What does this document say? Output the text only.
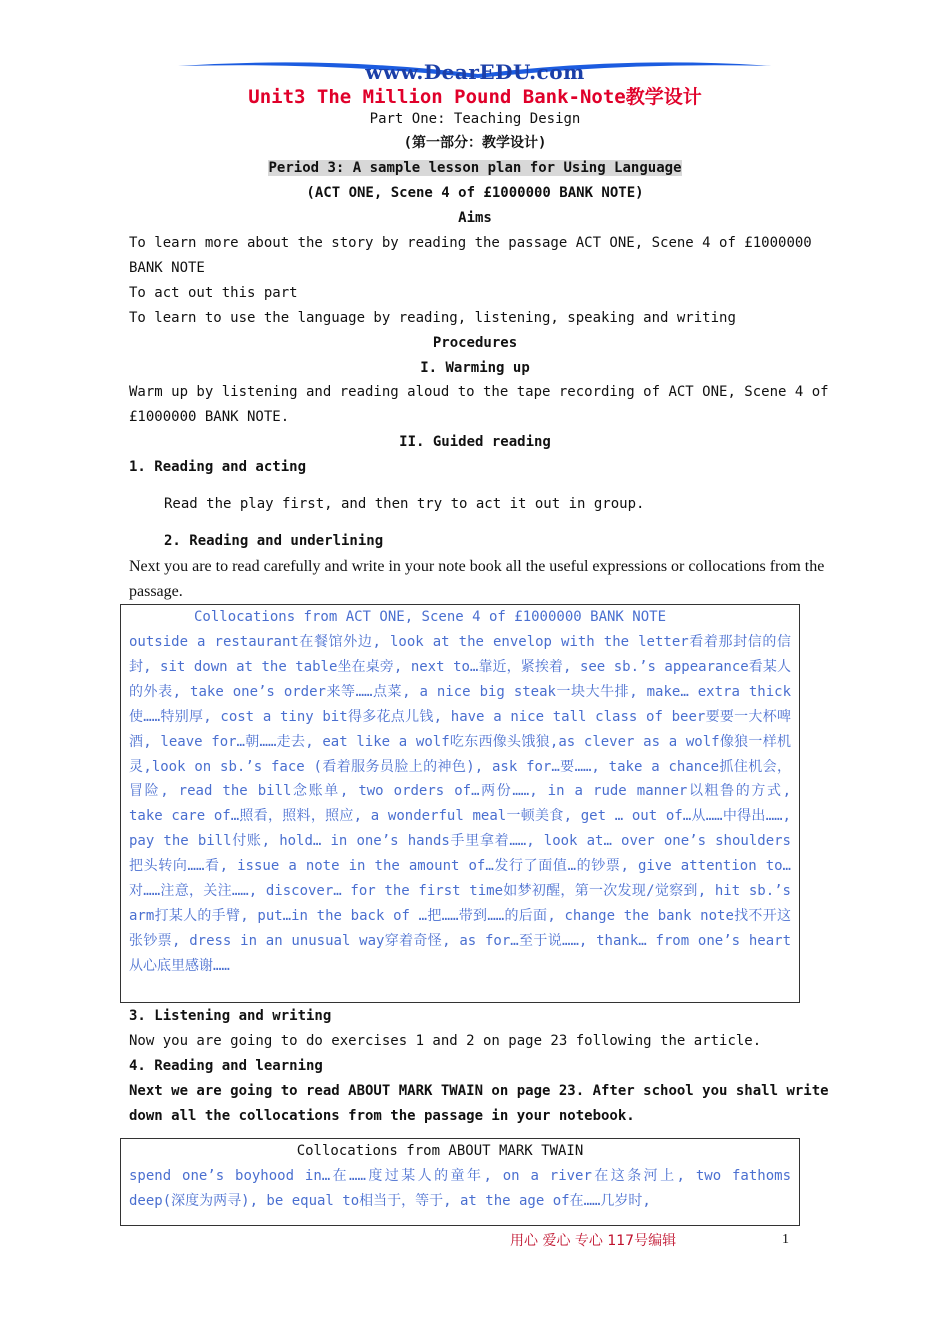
www.DearEDU.com
Unit3 The Million Pound Bank-Note教学设计
Part One: Teaching Design
(第一部分：教学设计)
Period 3: A sample lesson plan for Using Language
(ACT ONE, Scene 4 of £1000000 BANK NOTE)
Aims
To learn more about the story by reading the passage ACT ONE, Scene 4 of £1000000 BANK NOTE
To act out this part
To learn to use the language by reading, listening, speaking and writing
Procedures
I. Warming up
Warm up by listening and reading aloud to the tape recording of ACT ONE, Scene 4 of £1000000 BANK NOTE.
II. Guided reading
1. Reading and acting
Read the play first, and then try to act it out in group.
2. Reading and underlining
Next you are to read carefully and write in your note book all the useful expressions or collocations from the passage.
Collocations from ACT ONE, Scene 4 of £1000000 BANK NOTE
outside a restaurant在餐馆外边, look at the envelop with the letter看着那封信的信封, sit down at the table坐在桌旁, next to…靠近，紧挨着, see sb.’s appearance看某人的外表, take one’s order来等……点菜, a nice big steak一块大牛排, make… extra thick使……特别厚, cost a tiny bit得多花点儿钱, have a nice tall class of beer要要一大杯啤酒, leave for…朝……走去, eat like a wolf吃东西像头饿狼,as clever as a wolf像狼一样机灵,look on sb.’s face (看着服务员脸上的神色), ask for…要……, take a chance抓住机会，冒险, read the bill念账单, two orders of…两份……, in a rude manner以粗鲁的方式, take care of…照看，照料，照应, a wonderful meal一顿美食, get … out of…从……中得出……, pay the bill付账, hold… in one’s hands手里拿着……, look at… over one’s shoulders把头转向……看, issue a note in the amount of…发行了面值…的钞票, give attention to…对……注意，关注……, discover… for the first time如梦初醒，第一次发现/觉察到, hit sb.’s arm打某人的手臂, put…in the back of …把……带到……的后面, change the bank note找不开这张钞票, dress in an unusual way穿着奇怪, as for…至于说……, thank… from one’s heart从心底里感谢……
3. Listening and writing
Now you are going to do exercises 1 and 2 on page 23 following the article.
4. Reading and learning
Next we are going to read ABOUT MARK TWAIN on page 23. After school you shall write down all the collocations from the passage in your notebook.
Collocations from ABOUT MARK TWAIN
spend one’s boyhood in…在……度过某人的童年, on a river在这条河上, two fathoms deep(深度为两寻), be equal to相当于，等于, at the age of在……几岁时,
用心 爱心 专心 117号编辑	1
